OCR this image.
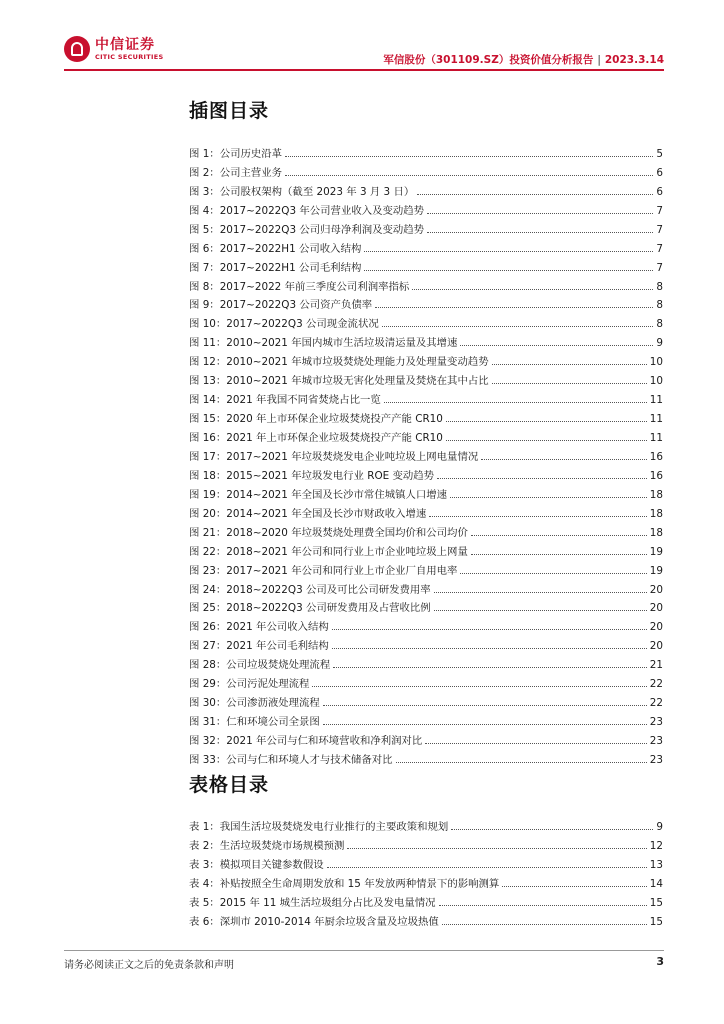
中信证券
CITIC SECURITIES	军信股份（301109.SZ）投资价值分析报告 | 2023.3.14
插图目录
图 1：公司历史沿革	5
图 2：公司主营业务	6
图 3：公司股权架构（截至 2023 年 3 月 3 日）	6
图 4：2017~2022Q3 年公司营业收入及变动趋势	7
图 5：2017~2022Q3 公司归母净利润及变动趋势	7
图 6：2017~2022H1 公司收入结构	7
图 7：2017~2022H1 公司毛利结构	7
图 8：2017~2022 年前三季度公司利润率指标	8
图 9：2017~2022Q3 公司资产负债率	8
图 10：2017~2022Q3 公司现金流状况	8
图 11：2010~2021 年国内城市生活垃圾清运量及其增速	9
图 12：2010~2021 年城市垃圾焚烧处理能力及处理量变动趋势	10
图 13：2010~2021 年城市垃圾无害化处理量及焚烧在其中占比	10
图 14：2021 年我国不同省焚烧占比一览	11
图 15：2020 年上市环保企业垃圾焚烧投产产能 CR10	11
图 16：2021 年上市环保企业垃圾焚烧投产产能 CR10	11
图 17：2017~2021 年垃圾焚烧发电企业吨垃圾上网电量情况	16
图 18：2015~2021 年垃圾发电行业 ROE 变动趋势	16
图 19：2014~2021 年全国及长沙市常住城镇人口增速	18
图 20：2014~2021 年全国及长沙市财政收入增速	18
图 21：2018~2020 年垃圾焚烧处理费全国均价和公司均价	18
图 22：2018~2021 年公司和同行业上市企业吨垃圾上网量	19
图 23：2017~2021 年公司和同行业上市企业厂自用电率	19
图 24：2018~2022Q3 公司及可比公司研发费用率	20
图 25：2018~2022Q3 公司研发费用及占营收比例	20
图 26：2021 年公司收入结构	20
图 27：2021 年公司毛利结构	20
图 28：公司垃圾焚烧处理流程	21
图 29：公司污泥处理流程	22
图 30：公司渗沥液处理流程	22
图 31：仁和环境公司全景图	23
图 32：2021 年公司与仁和环境营收和净利润对比	23
图 33：公司与仁和环境人才与技术储备对比	23
表格目录
表 1：我国生活垃圾焚烧发电行业推行的主要政策和规划	9
表 2：生活垃圾焚烧市场规模预测	12
表 3：模拟项目关键参数假设	13
表 4：补贴按照全生命周期发放和 15 年发放两种情景下的影响测算	14
表 5：2015 年 11 城生活垃圾组分占比及发电量情况	15
表 6：深圳市 2010-2014 年厨余垃圾含量及垃圾热值	15
请务必阅读正文之后的免责条款和声明	3
